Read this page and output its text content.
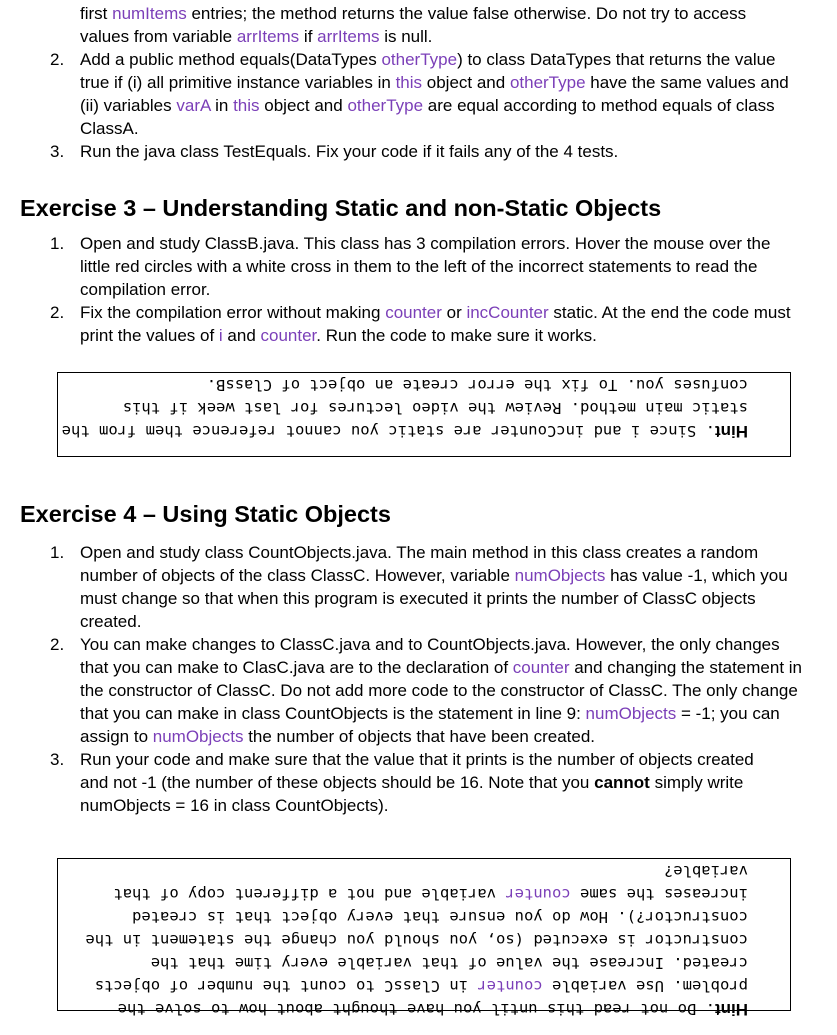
first numItems entries; the method returns the value false otherwise. Do not try to access
values from variable arrItems if arrItems is null.
2. Add a public method equals(DataTypes otherType) to class DataTypes that returns the value true if (i) all primitive instance variables in this object and otherType have the same values and (ii) variables varA in this object and otherType are equal according to method equals of class ClassA.
3. Run the java class TestEquals. Fix your code if it fails any of the 4 tests.
Exercise 3 – Understanding Static and non-Static Objects
1. Open and study ClassB.java. This class has 3 compilation errors. Hover the mouse over the little red circles with a white cross in them to the left of the incorrect statements to read the compilation error.
2. Fix the compilation error without making counter or incCounter static. At the end the code must print the values of i and counter. Run the code to make sure it works.
Hint. Since i and incCounter are static you cannot reference them from the static main method. Review the video lectures for last week if this confuses you. To fix the error create an object of ClassB.
Exercise 4 – Using Static Objects
1. Open and study class CountObjects.java. The main method in this class creates a random number of objects of the class ClassC. However, variable numObjects has value -1, which you must change so that when this program is executed it prints the number of ClassC objects created.
2. You can make changes to ClassC.java and to CountObjects.java. However, the only changes that you can make to ClasC.java are to the declaration of counter and changing the statement in the constructor of ClassC. Do not add more code to the constructor of ClassC. The only change that you can make in class CountObjects is the statement in line 9: numObjects = -1; you can assign to numObjects the number of objects that have been created.
3. Run your code and make sure that the value that it prints is the number of objects created and not -1 (the number of these objects should be 16. Note that you cannot simply write numObjects = 16 in class CountObjects).
Hint. Do not read this until you have thought about how to solve the problem. Use variable counter in ClassC to count the number of objects created. Increase the value of that variable every time that the constructor is executed (so, you should you change the statement in the constructor?). How do you ensure that every object that is created increases the same counter variable and not a different copy of that variable?
